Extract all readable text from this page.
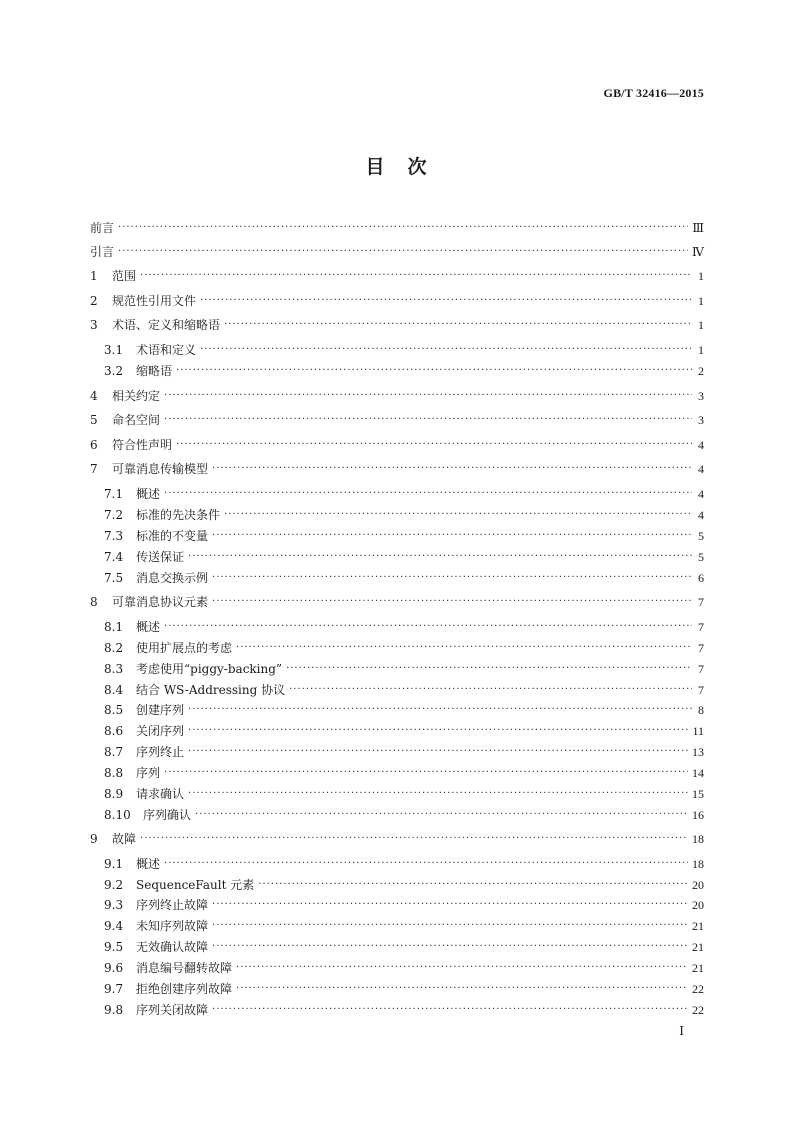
GB/T 32416—2015
目　次
前言 ·····	Ⅲ
引言 ·····	Ⅳ
1	范围 ·····	1
2	规范性引用文件 ·····	1
3	术语、定义和缩略语 ·····	1
3.1	术语和定义 ·····	1
3.2	缩略语 ·····	2
4	相关约定 ·····	3
5	命名空间 ·····	3
6	符合性声明 ·····	4
7	可靠消息传输模型 ·····	4
7.1	概述 ·····	4
7.2	标准的先决条件 ·····	4
7.3	标准的不变量 ·····	5
7.4	传送保证 ·····	5
7.5	消息交换示例 ·····	6
8	可靠消息协议元素 ·····	7
8.1	概述 ·····	7
8.2	使用扩展点的考虑 ·····	7
8.3	考虑使用“piggy-backing” ·····	7
8.4	结合 WS-Addressing 协议 ·····	7
8.5	创建序列 ·····	8
8.6	关闭序列 ·····	11
8.7	序列终止 ·····	13
8.8	序列 ·····	14
8.9	请求确认 ·····	15
8.10	序列确认 ·····	16
9	故障 ·····	18
9.1	概述 ·····	18
9.2	SequenceFault 元素 ·····	20
9.3	序列终止故障 ·····	20
9.4	未知序列故障 ·····	21
9.5	无效确认故障 ·····	21
9.6	消息编号翻转故障 ·····	21
9.7	拒绝创建序列故障 ·····	22
9.8	序列关闭故障 ·····	22
Ⅰ
